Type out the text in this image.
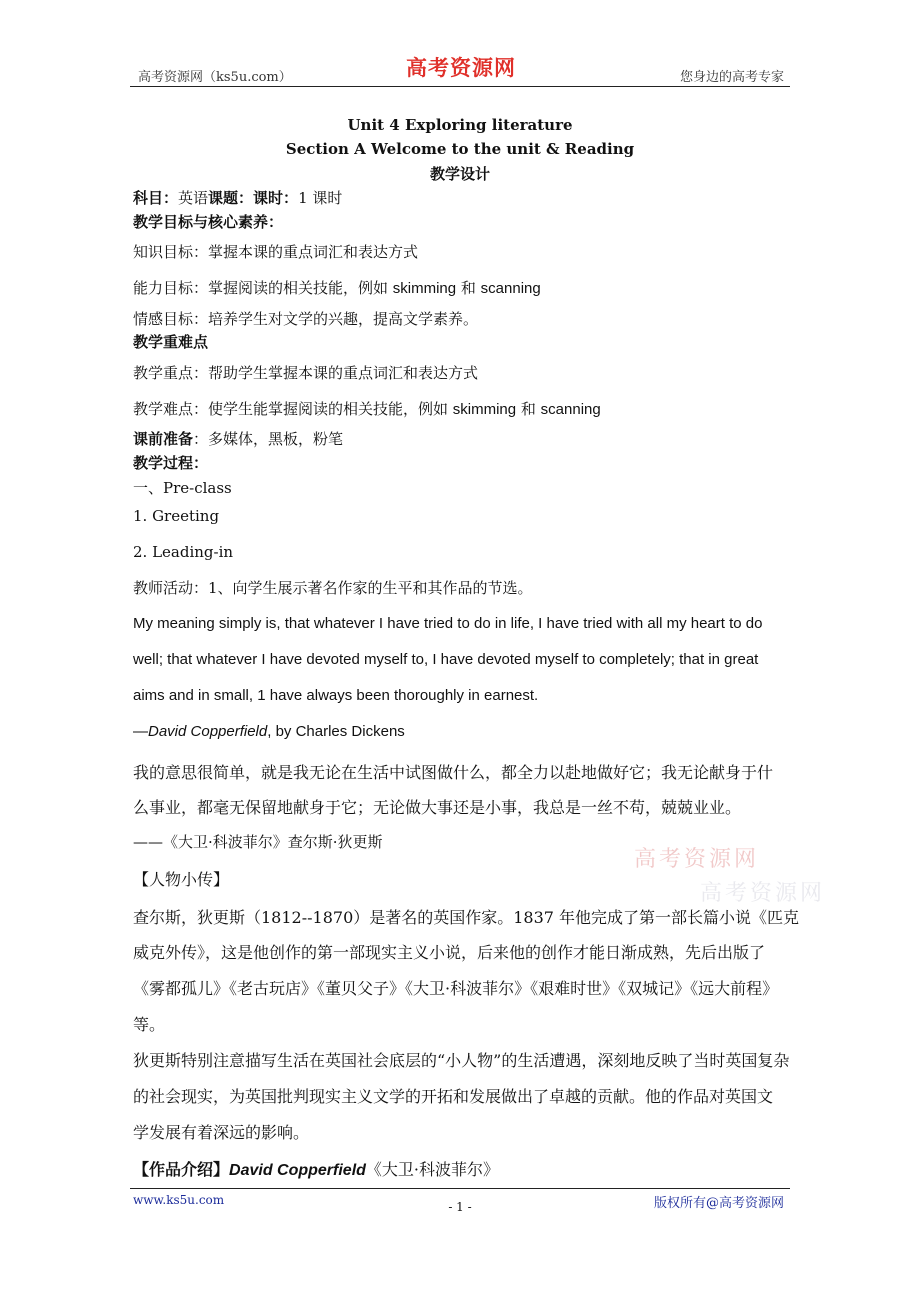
高考资源网（ks5u.com）	高考资源网	您身边的高考专家
Unit 4 Exploring literature
Section A Welcome to the unit & Reading
教学设计
科目：英语课题：课时：1 课时
教学目标与核心素养：
知识目标：掌握本课的重点词汇和表达方式
能力目标：掌握阅读的相关技能，例如 skimming 和 scanning
情感目标：培养学生对文学的兴趣，提高文学素养。
教学重难点
教学重点：帮助学生掌握本课的重点词汇和表达方式
教学难点：使学生能掌握阅读的相关技能，例如 skimming 和 scanning
课前准备：多媒体，黑板，粉笔
教学过程：
一、Pre-class
1. Greeting
2. Leading-in
教师活动：1、向学生展示著名作家的生平和其作品的节选。
My meaning simply is, that whatever I have tried to do in life, I have tried with all my heart to do
well; that whatever I have devoted myself to, I have devoted myself to completely; that in great
aims and in small, 1 have always been thoroughly in earnest.
—David Copperfield, by Charles Dickens
我的意思很简单，就是我无论在生活中试图做什么，都全力以赴地做好它；我无论献身于什
么事业，都毫无保留地献身于它；无论做大事还是小事，我总是一丝不苟，兢兢业业。
——《大卫·科波菲尔》查尔斯·狄更斯
高考资源网
高考资源网
【人物小传】
查尔斯，狄更斯（1812--1870）是著名的英国作家。1837 年他完成了第一部长篇小说《匹克
威克外传》，这是他创作的第一部现实主义小说，后来他的创作才能日渐成熟，先后出版了
《雾都孤儿》《老古玩店》《董贝父子》《大卫·科波菲尔》《艰难时世》《双城记》《远大前程》
等。
狄更斯特别注意描写生活在英国社会底层的“小人物”的生活遭遇，深刻地反映了当时英国复杂
的社会现实，为英国批判现实主义文学的开拓和发展做出了卓越的贡献。他的作品对英国文
学发展有着深远的影响。
【作品介绍】David Copperfield《大卫·科波菲尔》
www.ks5u.com	- 1 -	版权所有@高考资源网
